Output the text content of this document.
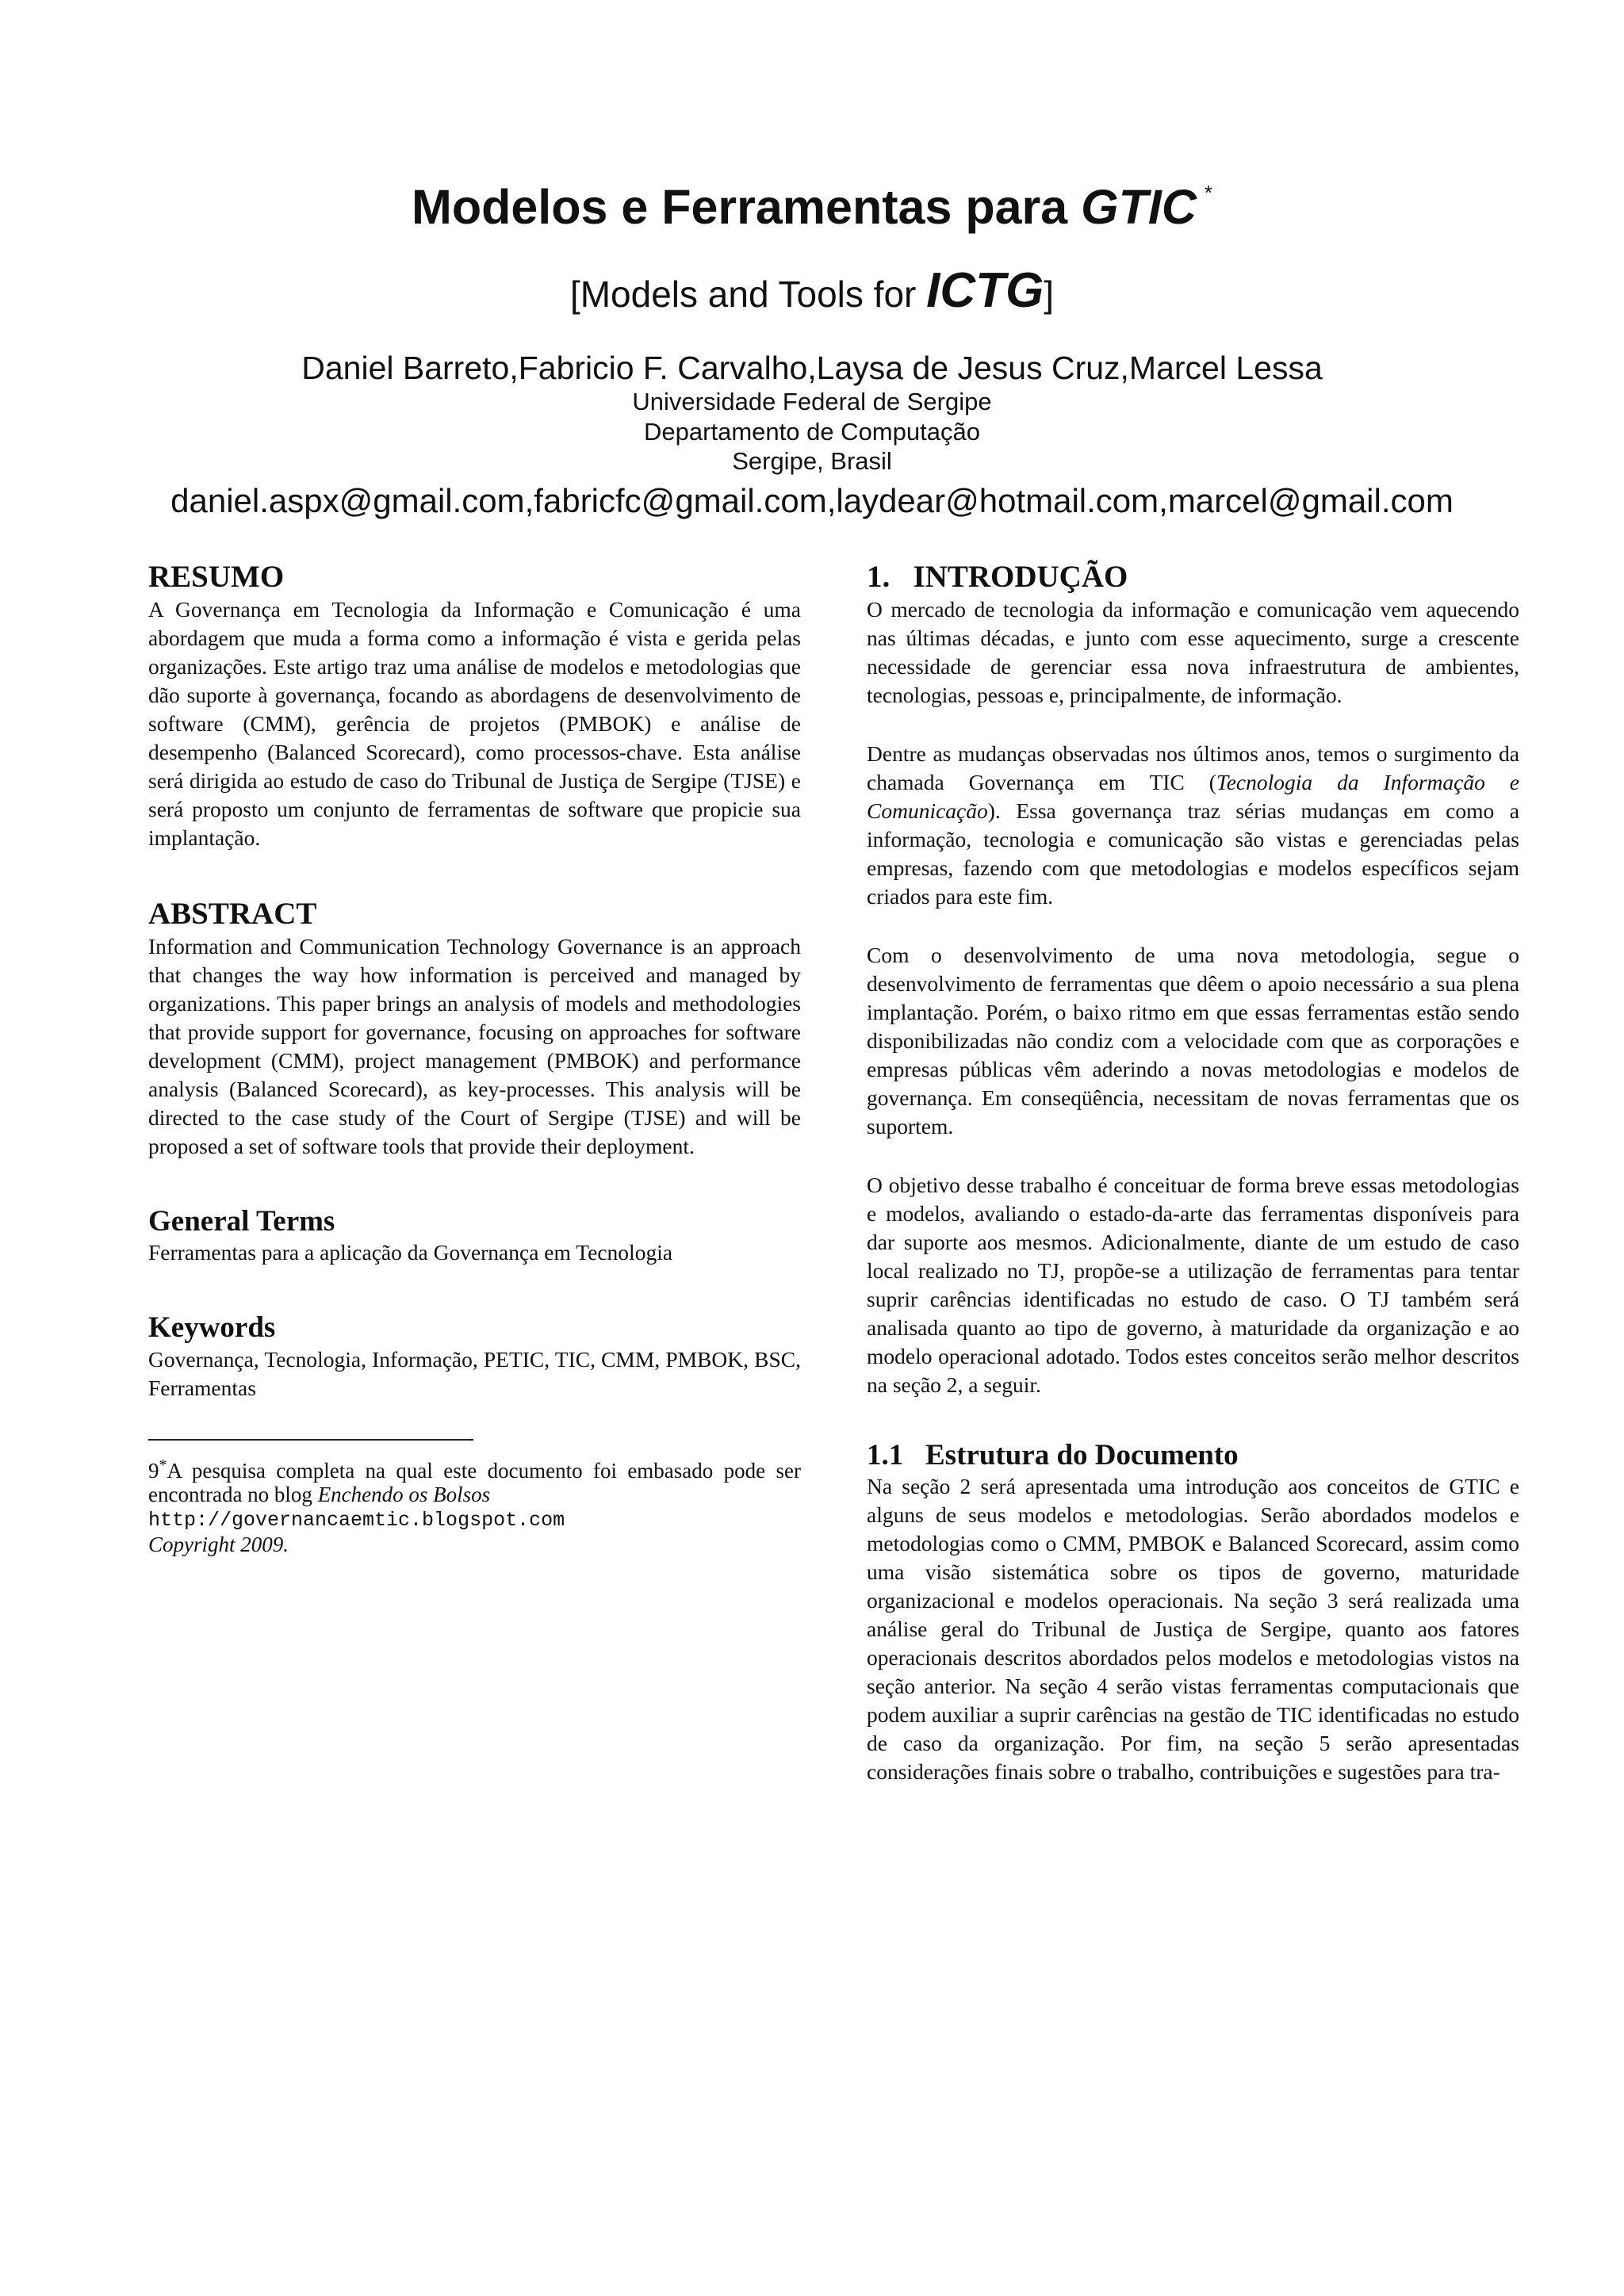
Modelos e Ferramentas para GTIC *
[Models and Tools for ICTG]
Daniel Barreto,Fabricio F. Carvalho,Laysa de Jesus Cruz,Marcel Lessa
Universidade Federal de Sergipe
Departamento de Computação
Sergipe, Brasil
daniel.aspx@gmail.com,fabricfc@gmail.com,laydear@hotmail.com,marcel@gmail.com
RESUMO

A Governança em Tecnologia da Informação e Comunicação é uma abordagem que muda a forma como a informação é vista e gerida pelas organizações. Este artigo traz uma análise de modelos e metodologias que dão suporte à governança, focando as abordagens de desenvolvimento de software (CMM), gerência de projetos (PMBOK) e análise de desempenho (Balanced Scorecard), como processos-chave. Esta análise será dirigida ao estudo de caso do Tribunal de Justiça de Sergipe (TJSE) e será proposto um conjunto de ferramentas de software que propicie sua implantação.

ABSTRACT

Information and Communication Technology Governance is an approach that changes the way how information is perceived and managed by organizations. This paper brings an analysis of models and methodologies that provide support for governance, focusing on approaches for software development (CMM), project management (PMBOK) and performance analysis (Balanced Scorecard), as key-processes. This analysis will be directed to the case study of the Court of Sergipe (TJSE) and will be proposed a set of software tools that provide their deployment.

General Terms

Ferramentas para a aplicação da Governança em Tecnologia

Keywords

Governança, Tecnologia, Informação, PETIC, TIC, CMM, PMBOK, BSC, Ferramentas

9*A pesquisa completa na qual este documento foi embasado pode ser encontrada no blog Enchendo os Bolsos
http://governancaemtic.blogspot.com
Copyright 2009.

1.   INTRODUÇÃO

O mercado de tecnologia da informação e comunicação vem aquecendo nas últimas décadas, e junto com esse aquecimento, surge a crescente necessidade de gerenciar essa nova infraestrutura de ambientes, tecnologias, pessoas e, principalmente, de informação.

Dentre as mudanças observadas nos últimos anos, temos o surgimento da chamada Governança em TIC (Tecnologia da Informação e Comunicação). Essa governança traz sérias mudanças em como a informação, tecnologia e comunicação são vistas e gerenciadas pelas empresas, fazendo com que metodologias e modelos específicos sejam criados para este fim.

Com o desenvolvimento de uma nova metodologia, segue o desenvolvimento de ferramentas que dêem o apoio necessário a sua plena implantação. Porém, o baixo ritmo em que essas ferramentas estão sendo disponibilizadas não condiz com a velocidade com que as corporações e empresas públicas vêm aderindo a novas metodologias e modelos de governança. Em conseqüência, necessitam de novas ferramentas que os suportem.

O objetivo desse trabalho é conceituar de forma breve essas metodologias e modelos, avaliando o estado-da-arte das ferramentas disponíveis para dar suporte aos mesmos. Adicionalmente, diante de um estudo de caso local realizado no TJ, propõe-se a utilização de ferramentas para tentar suprir carências identificadas no estudo de caso. O TJ também será analisada quanto ao tipo de governo, à maturidade da organização e ao modelo operacional adotado. Todos estes conceitos serão melhor descritos na seção 2, a seguir.

1.1   Estrutura do Documento

Na seção 2 será apresentada uma introdução aos conceitos de GTIC e alguns de seus modelos e metodologias. Serão abordados modelos e metodologias como o CMM, PMBOK e Balanced Scorecard, assim como uma visão sistemática sobre os tipos de governo, maturidade organizacional e modelos operacionais. Na seção 3 será realizada uma análise geral do Tribunal de Justiça de Sergipe, quanto aos fatores operacionais descritos abordados pelos modelos e metodologias vistos na seção anterior. Na seção 4 serão vistas ferramentas computacionais que podem auxiliar a suprir carências na gestão de TIC identificadas no estudo de caso da organização. Por fim, na seção 5 serão apresentadas considerações finais sobre o trabalho, contribuições e sugestões para tra-
